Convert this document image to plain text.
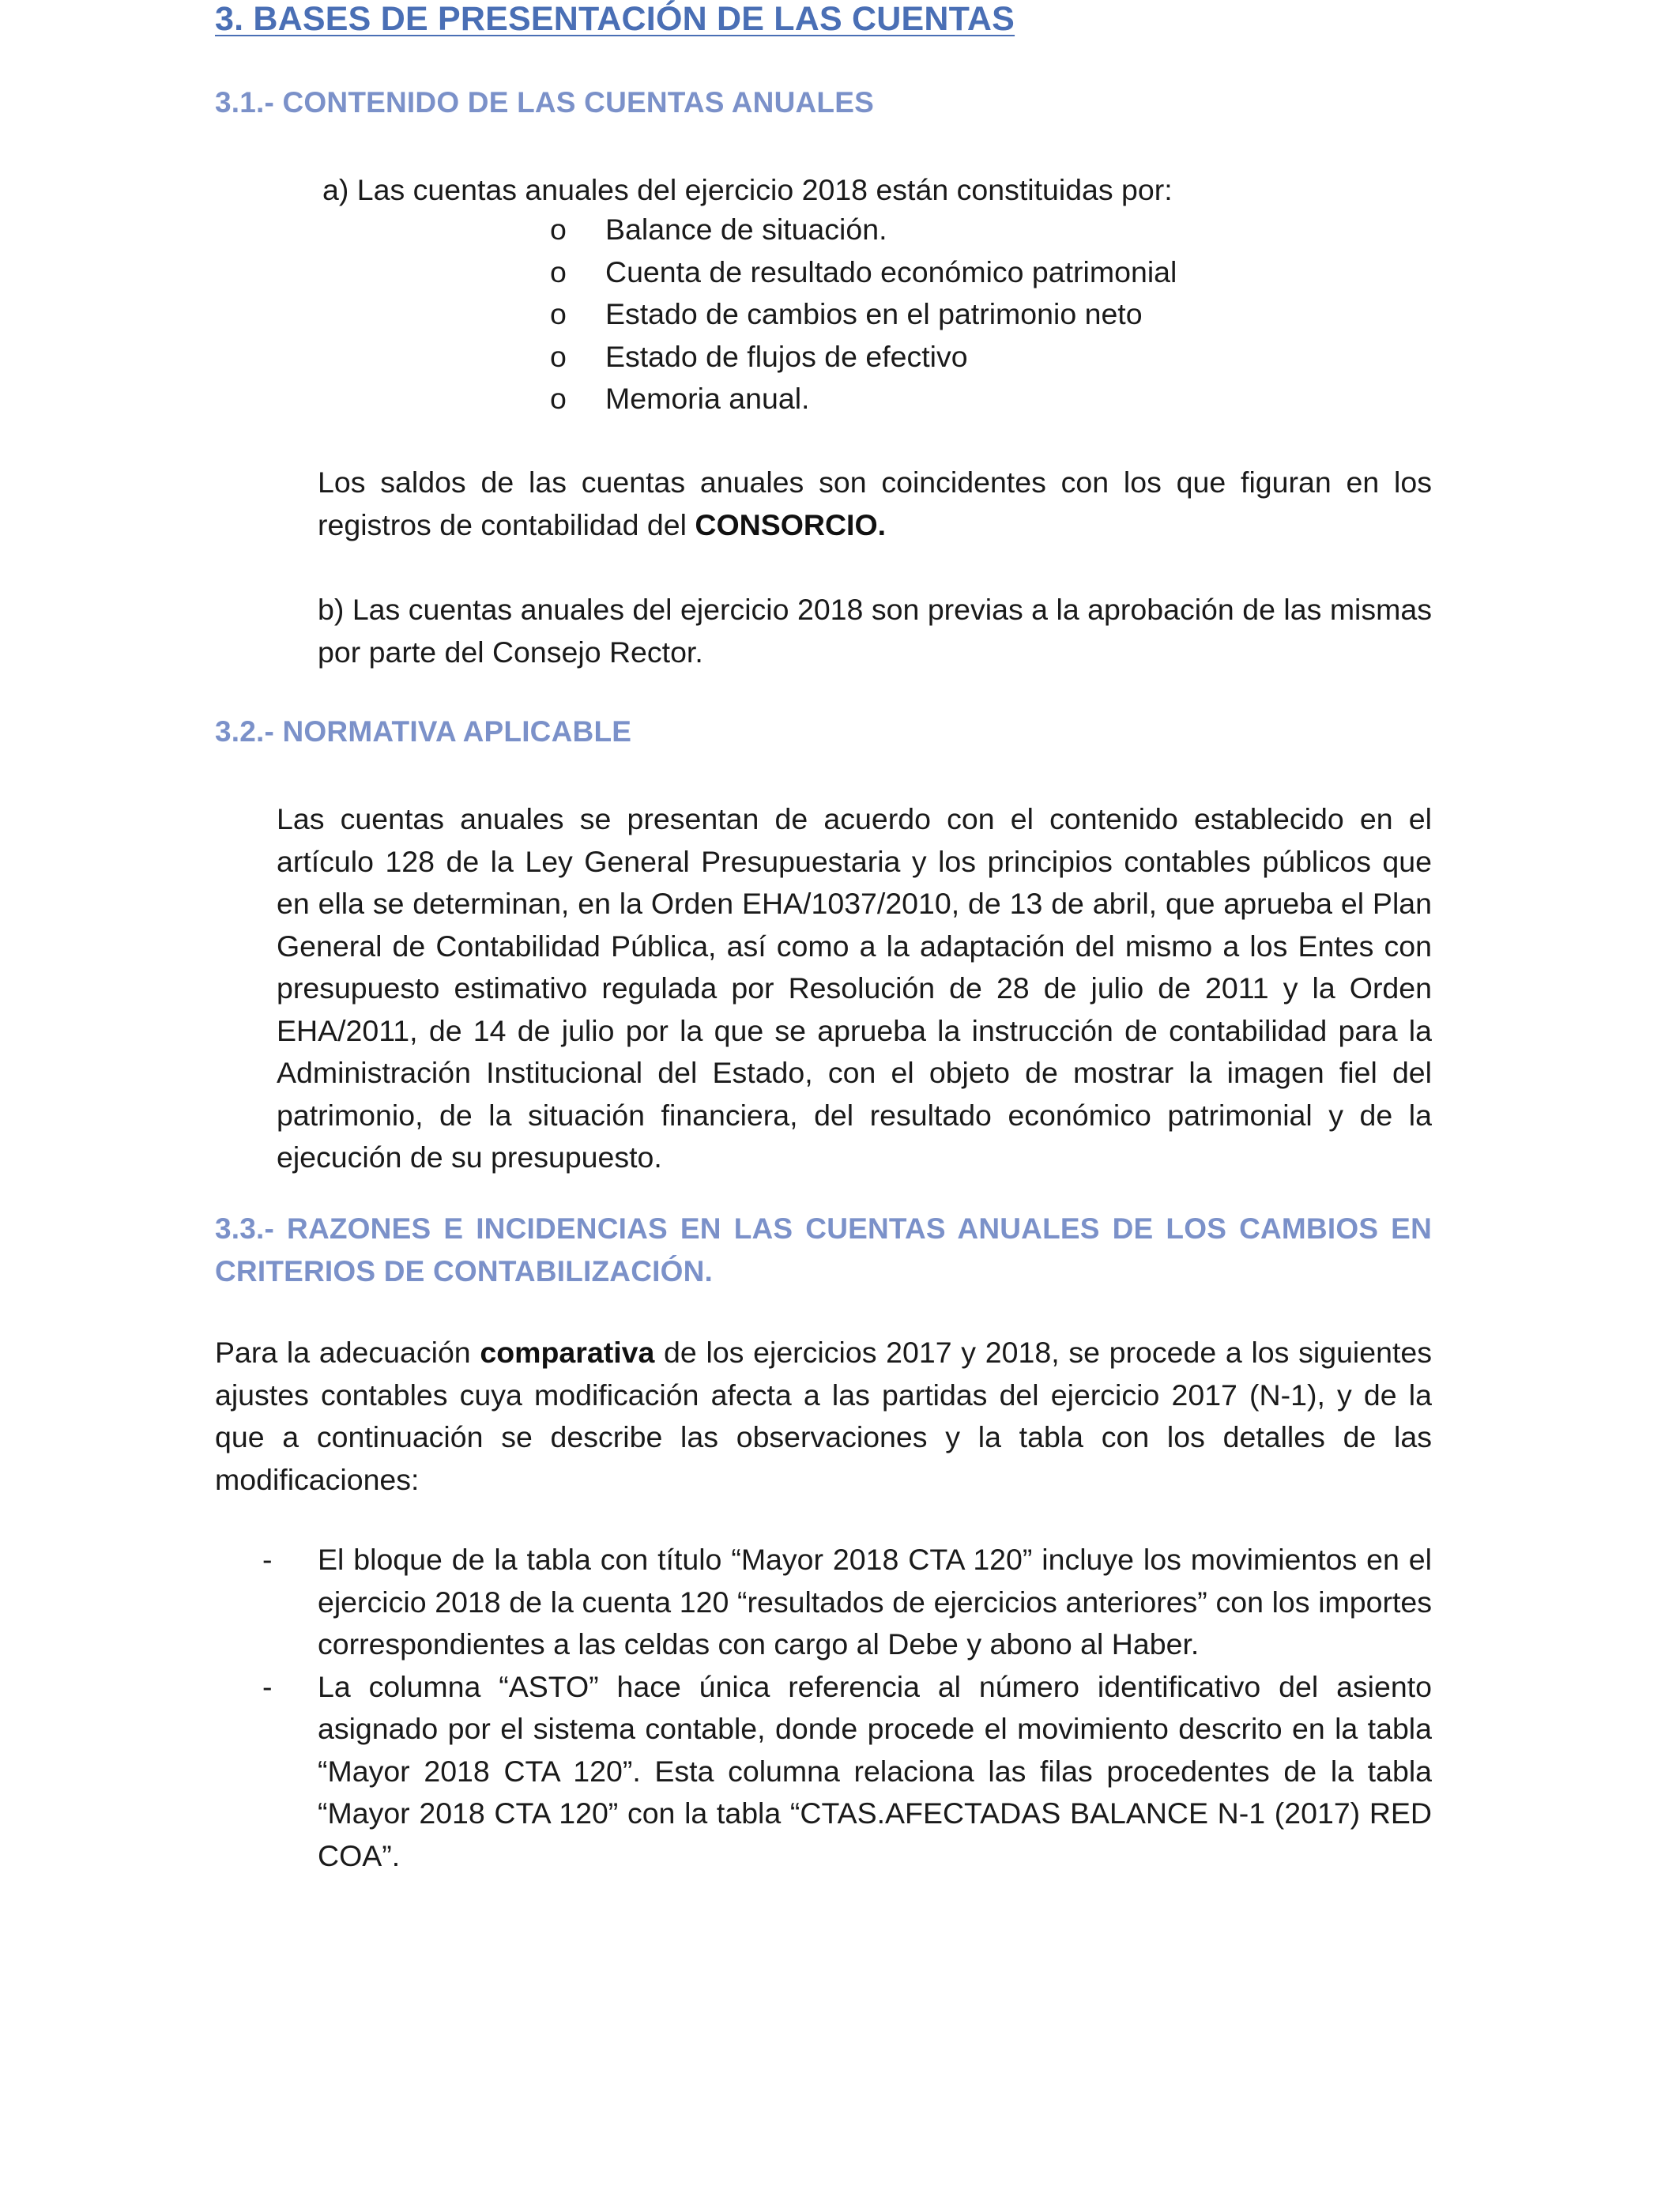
3. BASES DE PRESENTACIÓN DE LAS CUENTAS
3.1.- CONTENIDO DE LAS CUENTAS ANUALES

a) Las cuentas anuales del ejercicio 2018 están constituidas por:

o Balance de situación.
o Cuenta de resultado económico patrimonial
o Estado de cambios en el patrimonio neto
o Estado de flujos de efectivo
o Memoria anual.

Los saldos de las cuentas anuales son coincidentes con los que figuran en los registros de contabilidad del CONSORCIO.

b) Las cuentas anuales del ejercicio 2018 son previas a la aprobación de las mismas por parte del Consejo Rector.

3.2.- NORMATIVA APLICABLE

Las cuentas anuales se presentan de acuerdo con el contenido establecido en el artículo 128 de la Ley General Presupuestaria y los principios contables públicos que en ella se determinan, en la Orden EHA/1037/2010, de 13 de abril, que aprueba el Plan General de Contabilidad Pública, así como a la adaptación del mismo a los Entes con presupuesto estimativo regulada por Resolución de 28 de julio de 2011 y la Orden EHA/2011, de 14 de julio por la que se aprueba la instrucción de contabilidad para la Administración Institucional del Estado, con el objeto de mostrar la imagen fiel del patrimonio, de la situación financiera, del resultado económico patrimonial y de la ejecución de su presupuesto.

3.3.- RAZONES E INCIDENCIAS EN LAS CUENTAS ANUALES DE LOS CAMBIOS EN CRITERIOS DE CONTABILIZACIÓN.

Para la adecuación comparativa de los ejercicios 2017 y 2018, se procede a los siguientes ajustes contables cuya modificación afecta a las partidas del ejercicio 2017 (N-1), y de la que a continuación se describe las observaciones y la tabla con los detalles de las modificaciones:

- El bloque de la tabla con título “Mayor 2018 CTA 120” incluye los movimientos en el ejercicio 2018 de la cuenta 120 “resultados de ejercicios anteriores” con los importes correspondientes a las celdas con cargo al Debe y abono al Haber.
- La columna “ASTO” hace única referencia al número identificativo del asiento asignado por el sistema contable, donde procede el movimiento descrito en la tabla “Mayor 2018 CTA 120”. Esta columna relaciona las filas procedentes de la tabla “Mayor 2018 CTA 120” con la tabla “CTAS.AFECTADAS BALANCE N-1 (2017) RED COA”.
